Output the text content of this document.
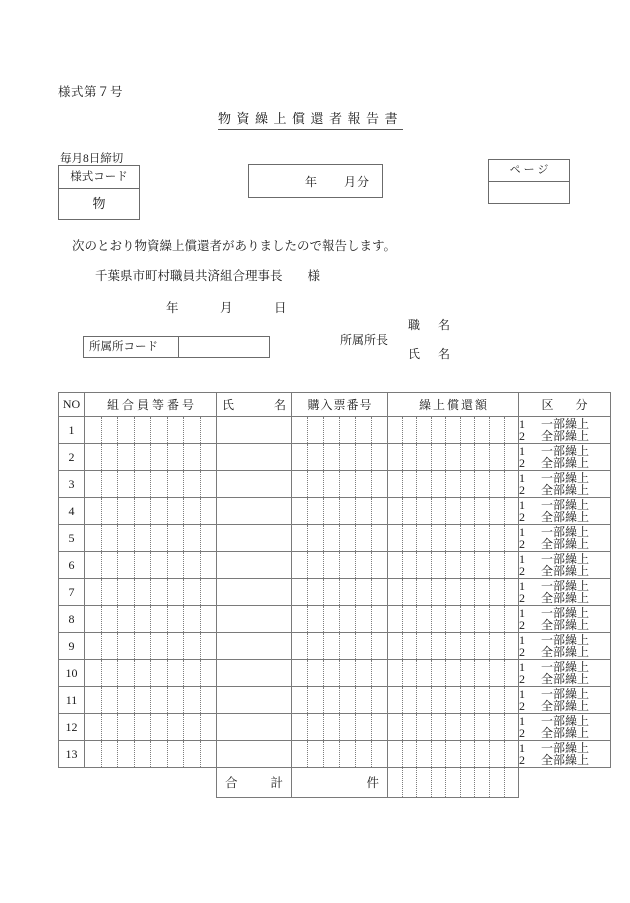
様式第７号
物資繰上償還者報告書
毎月8日締切
様式コード
物
年　　月分
ページ
次のとおり物資繰上償還者がありましたので報告します。
千葉県市町村職員共済組合理事長　　様
年　　　月　　　日
職　名
所属所長
氏　名
所属所コード
NO	組合員等番号	氏 名	購入票番号	繰上償還額	区　分
1					1 一部繰上
2 全部繰上

2					1 一部繰上
2 全部繰上

3					1 一部繰上
2 全部繰上

4					1 一部繰上
2 全部繰上

5					1 一部繰上
2 全部繰上

6					1 一部繰上
2 全部繰上

7					1 一部繰上
2 全部繰上

8					1 一部繰上
2 全部繰上

9					1 一部繰上
2 全部繰上

10					1 一部繰上
2 全部繰上

11					1 一部繰上
2 全部繰上

12					1 一部繰上
2 全部繰上

13					1 一部繰上
2 全部繰上

		合 計	件		
